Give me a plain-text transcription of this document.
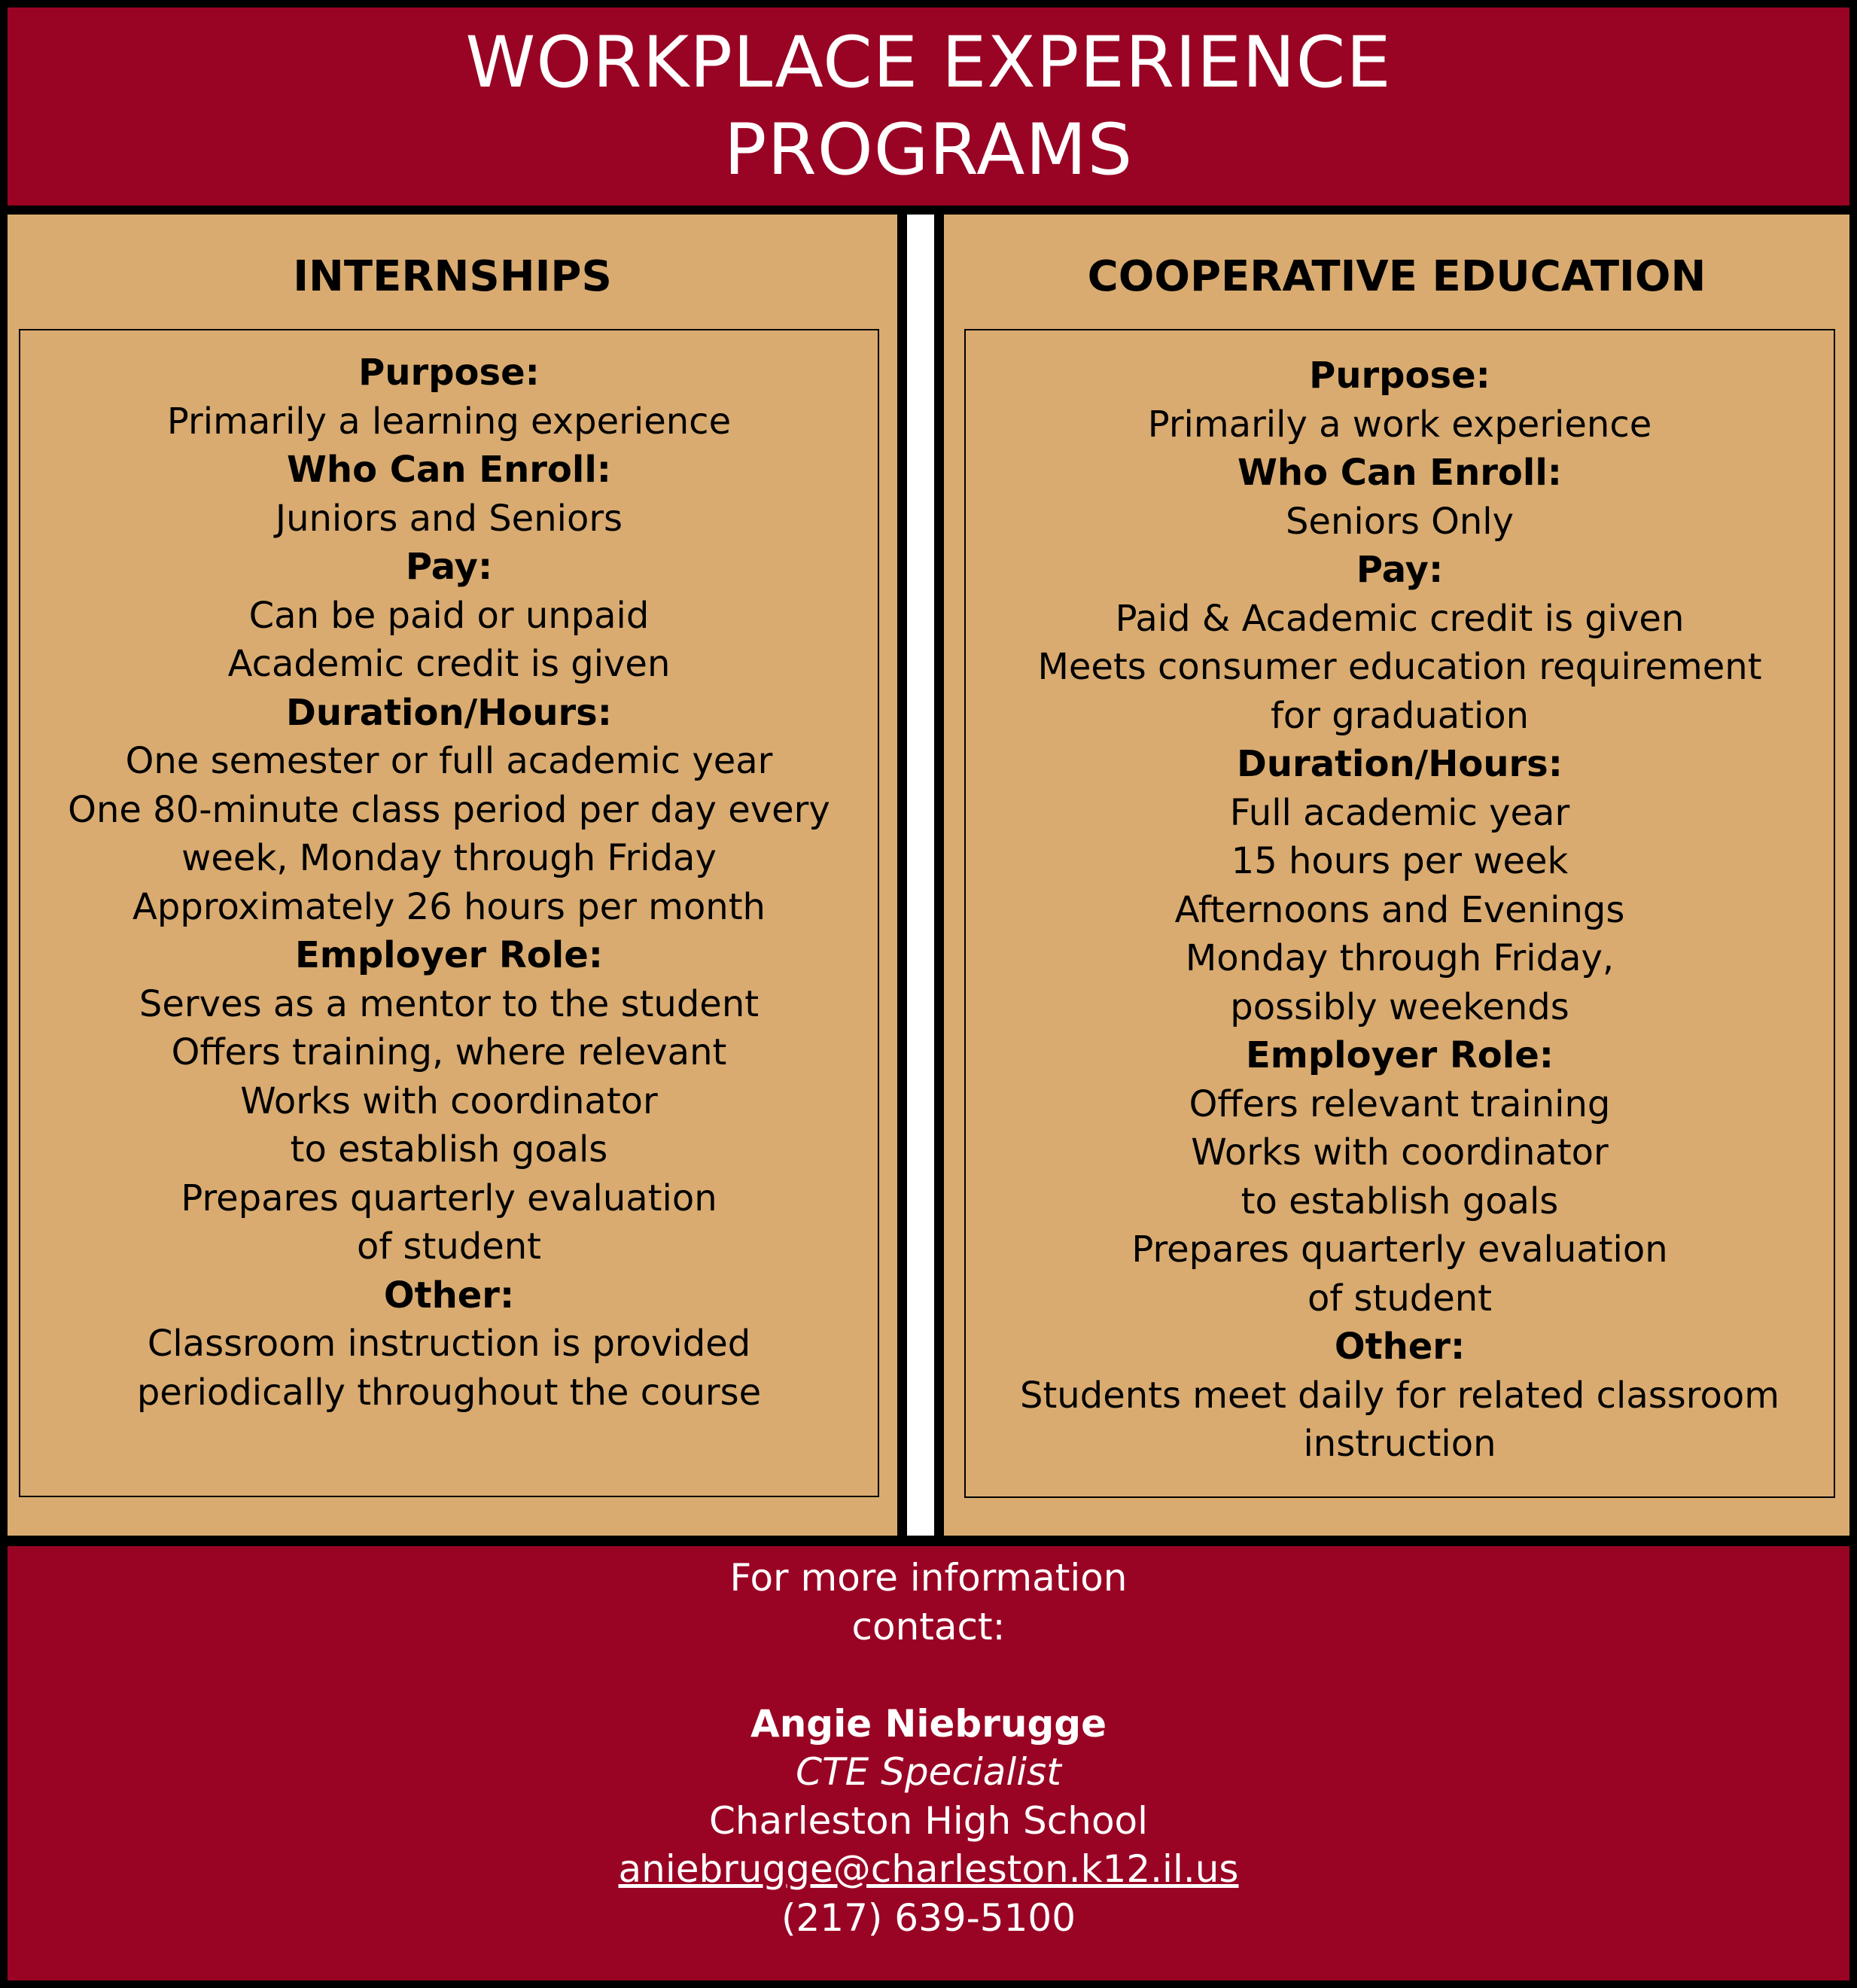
WORKPLACE EXPERIENCE
PROGRAMS
INTERNSHIPS
Purpose:
Primarily a learning experience
Who Can Enroll:
Juniors and Seniors
Pay:
Can be paid or unpaid
Academic credit is given
Duration/Hours:
One semester or full academic year
One 80-minute class period per day every
week, Monday through Friday
Approximately 26 hours per month
Employer Role:
Serves as a mentor to the student
Offers training, where relevant
Works with coordinator
to establish goals
Prepares quarterly evaluation
of student
Other:
Classroom instruction is provided
periodically throughout the course
COOPERATIVE EDUCATION
Purpose:
Primarily a work experience
Who Can Enroll:
Seniors Only
Pay:
Paid & Academic credit is given
Meets consumer education requirement
for graduation
Duration/Hours:
Full academic year
15 hours per week
Afternoons and Evenings
Monday through Friday,
possibly weekends
Employer Role:
Offers relevant training
Works with coordinator
to establish goals
Prepares quarterly evaluation
of student
Other:
Students meet daily for related classroom
instruction
For more information
contact:
Angie Niebrugge
CTE Specialist
Charleston High School
aniebrugge@charleston.k12.il.us
(217) 639-5100
